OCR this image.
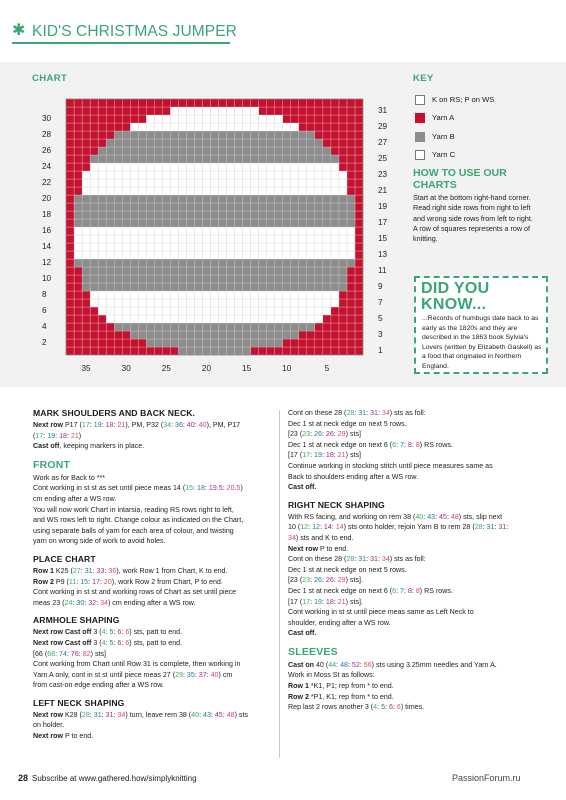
✱ KID'S CHRISTMAS JUMPER
CHART	KEY
2
4
6
8
10
12
14
16
18
20
22
24
26
28
30
1
3
5
7
9
11
13
15
17
19
21
23
25
27
29
31
35	30	25	20	15	10	5
K on RS; P on WS
Yarn A
Yarn B
Yarn C
HOW TO USE OUR CHARTS
Start at the bottom right-hand corner. Read right side rows from right to left and wrong side rows from left to right. A row of squares represents a row of knitting.
DID YOU KNOW...
...Records of humbugs date back to as early as the 1820s and they are described in the 1863 book Sylvia's Lovers (written by Elizabeth Gaskell) as a food that originated in Northern England.
MARK SHOULDERS AND BACK NECK.
Next row P17 (17: 19: 18: 21), PM, P32 (34: 36: 40: 40), PM, P17
(17: 19: 18: 21)
Cast off, keeping markers in place.
FRONT
Work as for Back to ***
Cont working in st st as set until piece meas 14 (15: 18: 19.5: 20.5)
cm ending after a WS row.
You will now work Chart in intarsia, reading RS rows right to left,
and WS rows left to right. Change colour as indicated on the Chart,
using separate balls of yarn for each area of colour, and twisting
yarn on wrong side of work to avoid holes.
PLACE CHART
Row 1 K25 (27: 31: 33: 36), work Row 1 from Chart, K to end.
Row 2 P9 (11: 15: 17: 20), work Row 2 from Chart, P to end.
Cont working in st st and working rows of Chart as set until piece
meas 23 (24: 30: 32: 34) cm ending after a WS row.
ARMHOLE SHAPING
Next row Cast off 3 (4: 5: 6: 6) sts, patt to end.
Next row Cast off 3 (4: 5: 6: 6) sts, patt to end.
[66 (68: 74: 76: 82) sts]
Cont working from Chart until Row 31 is complete, then working in
Yarn A only, cont in st st until piece meas 27 (29: 35: 37: 40) cm
from cast-on edge ending after a WS row.
LEFT NECK SHAPING
Next row K28 (28: 31: 31: 34) turn, leave rem 38 (40: 43: 45: 48) sts
on holder.
Next row P to end.
Cont on these 28 (28: 31: 31: 34) sts as foll:
Dec 1 st at neck edge on next 5 rows.
[23 (23: 26: 26: 29) sts]
Dec 1 st at neck edge on next 6 (6: 7: 8: 8) RS rows.
[17 (17: 19: 18: 21) sts]
Continue working in stocking stitch until piece measures same as
Back to shoulders ending after a WS row.
Cast off.
RIGHT NECK SHAPING
With RS facing, and working on rem 38 (40: 43: 45: 48) sts, slip next
10 (12: 12: 14: 14) sts onto holder, rejoin Yarn B to rem 28 (28: 31: 31:
34) sts and K to end.
Next row P to end.
Cont on these 28 (28: 31: 31: 34) sts as foll:
Dec 1 st at neck edge on next 5 rows.
[23 (23: 26: 26: 29) sts].
Dec 1 st at neck edge on next 6 (6: 7: 8: 8) RS rows.
[17 (17: 19: 18: 21) sts].
Cont working in st st until piece meas same as Left Neck to
shoulder, ending after a WS row.
Cast off.
SLEEVES
Cast on 40 (44: 48: 52: 56) sts using 3.25mm needles and Yarn A.
Work in Moss St as follows:
Row 1 *K1, P1; rep from * to end.
Row 2 *P1, K1; rep from * to end.
Rep last 2 rows another 3 (4: 5: 6: 6) times.
28 Subscribe at www.gathered.how/simplyknitting	PassionForum.ru
